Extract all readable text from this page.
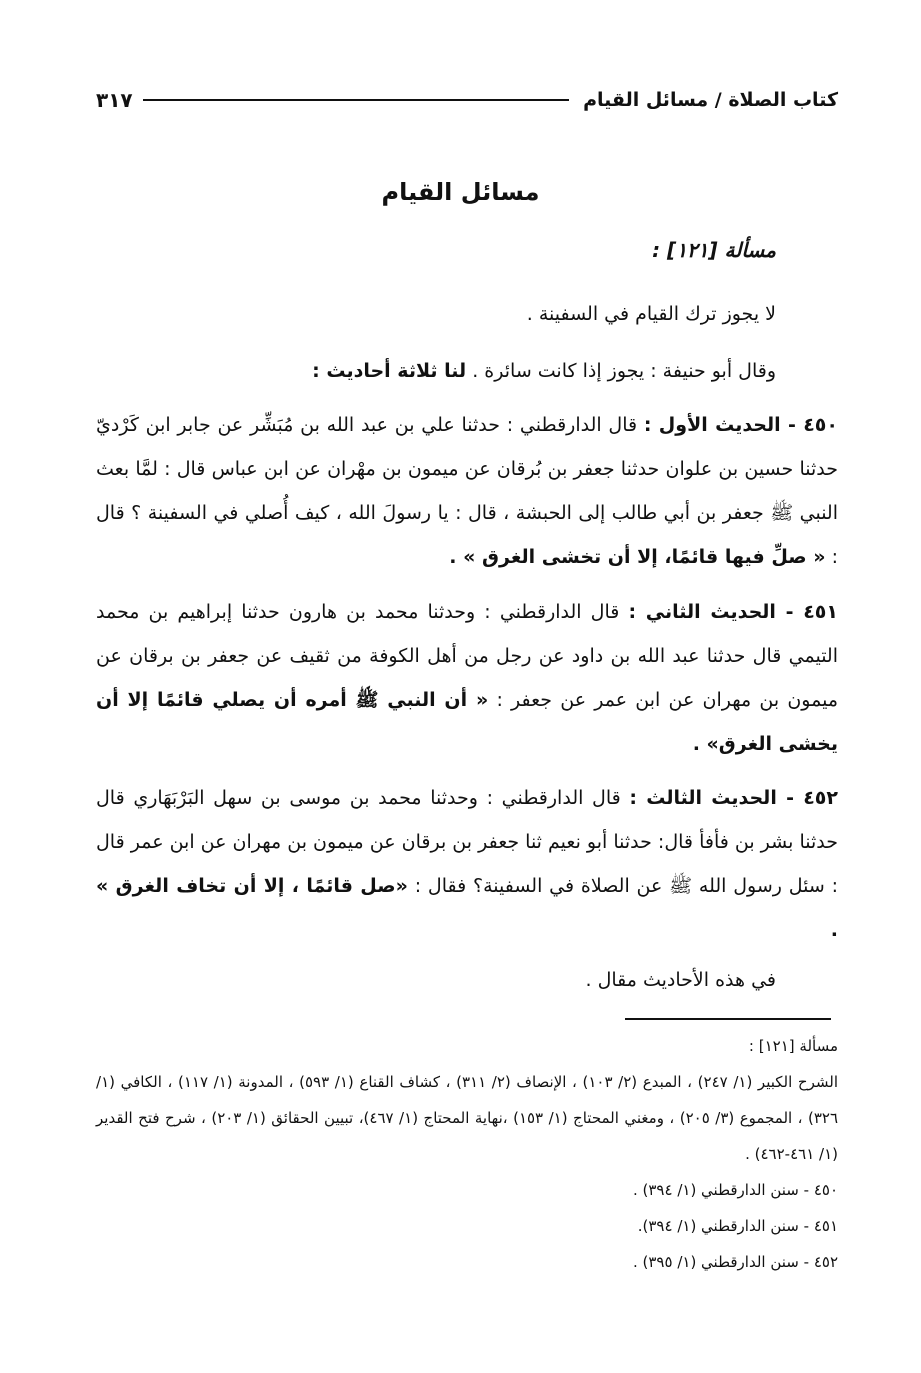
كتاب الصلاة / مسائل القيام
٣١٧
مسائل القيام
مسألة [١٢١] :
لا يجوز ترك القيام في السفينة .
وقال أبو حنيفة : يجوز إذا كانت سائرة . لنا ثلاثة أحاديث :
٤٥٠ - الحديث الأول : قال الدارقطني : حدثنا علي بن عبد الله بن مُبَشِّر عن جابر ابن كَرْديّ حدثنا حسين بن علوان حدثنا جعفر بن بُرقان عن ميمون بن مهْران عن ابن عباس قال : لمَّا بعث النبي ﷺ جعفر بن أبي طالب إلى الحبشة ، قال : يا رسولَ الله ، كيف أُصلي في السفينة ؟ قال : « صلِّ فيها قائمًا، إلا أن تخشى الغرق » .
٤٥١ - الحديث الثاني : قال الدارقطني : وحدثنا محمد بن هارون حدثنا إبراهيم بن محمد التيمي قال حدثنا عبد الله بن داود عن رجل من أهل الكوفة من ثقيف عن جعفر بن برقان عن ميمون بن مهران عن ابن عمر عن جعفر : « أن النبي ﷺ أمره أن يصلي قائمًا إلا أن يخشى الغرق» .
٤٥٢ - الحديث الثالث : قال الدارقطني : وحدثنا محمد بن موسى بن سهل البَرْبَهَاري قال حدثنا بشر بن فأفأ قال: حدثنا أبو نعيم ثنا جعفر بن برقان عن ميمون بن مهران عن ابن عمر قال : سئل رسول الله ﷺ عن الصلاة في السفينة؟ فقال : «صل قائمًا ، إلا أن تخاف الغرق » .
في هذه الأحاديث مقال .
مسألة [١٢١] :
الشرح الكبير (١/ ٢٤٧) ، المبدع (٢/ ١٠٣) ، الإنصاف (٢/ ٣١١) ، كشاف القناع (١/ ٥٩٣) ، المدونة (١/ ١١٧) ، الكافي (١/ ٣٢٦) ، المجموع (٣/ ٢٠٥) ، ومغني المحتاج (١/ ١٥٣) ،نهاية المحتاج (١/ ٤٦٧)، تبيين الحقائق (١/ ٢٠٣) ، شرح فتح القدير (١/ ٤٦١-٤٦٢) .
٤٥٠ - سنن الدارقطني (١/ ٣٩٤) .
٤٥١ - سنن الدارقطني (١/ ٣٩٤).
٤٥٢ - سنن الدارقطني (١/ ٣٩٥) .
